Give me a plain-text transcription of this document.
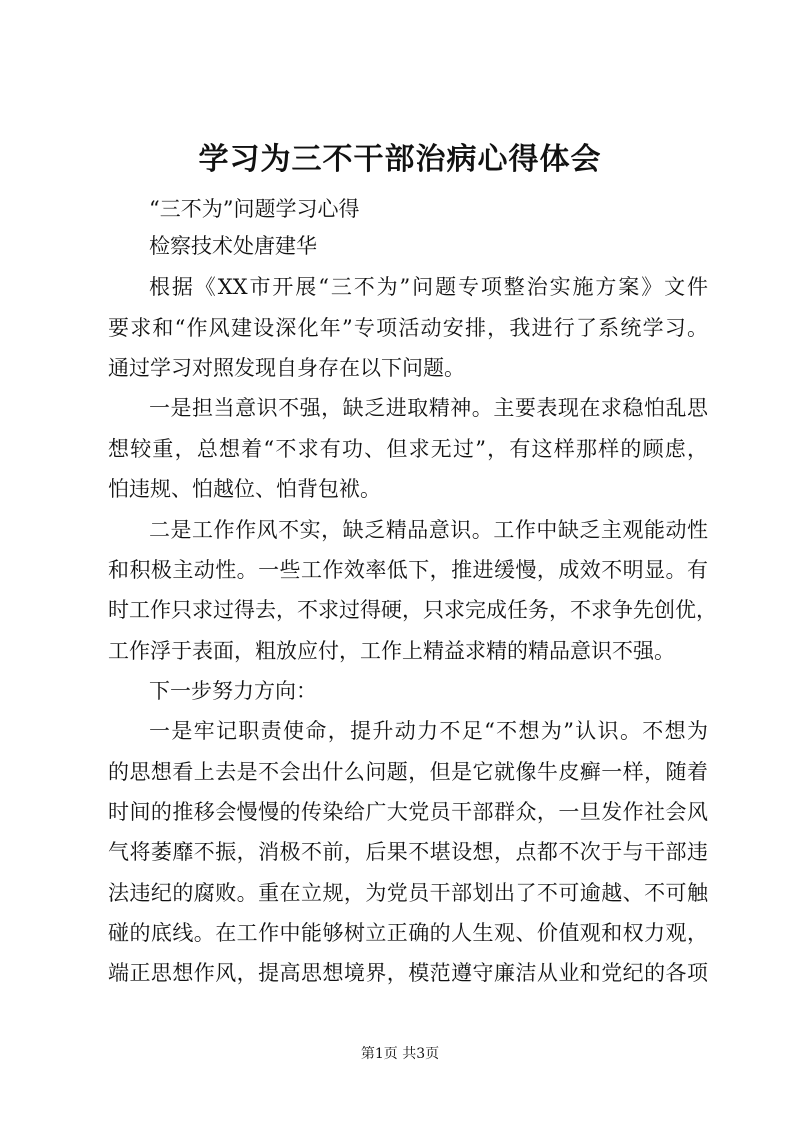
学习为三不干部治病心得体会
“三不为”问题学习心得
检察技术处唐建华
根据《XX市开展“三不为”问题专项整治实施方案》文件
要求和“作风建设深化年”专项活动安排，我进行了系统学习。
通过学习对照发现自身存在以下问题。
一是担当意识不强，缺乏进取精神。主要表现在求稳怕乱思
想较重，总想着“不求有功、但求无过”，有这样那样的顾虑，
怕违规、怕越位、怕背包袱。
二是工作作风不实，缺乏精品意识。工作中缺乏主观能动性
和积极主动性。一些工作效率低下，推进缓慢，成效不明显。有
时工作只求过得去，不求过得硬，只求完成任务，不求争先创优，
工作浮于表面，粗放应付，工作上精益求精的精品意识不强。
下一步努力方向：
一是牢记职责使命，提升动力不足“不想为”认识。不想为
的思想看上去是不会出什么问题，但是它就像牛皮癣一样，随着
时间的推移会慢慢的传染给广大党员干部群众，一旦发作社会风
气将萎靡不振，消极不前，后果不堪设想，点都不次于与干部违
法违纪的腐败。重在立规，为党员干部划出了不可逾越、不可触
碰的底线。在工作中能够树立正确的人生观、价值观和权力观，
端正思想作风，提高思想境界，模范遵守廉洁从业和党纪的各项
第1页 共3页
